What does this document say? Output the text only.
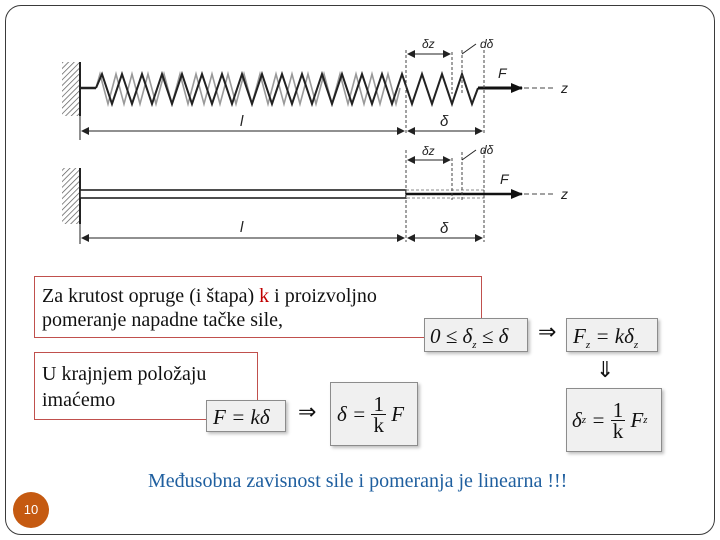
z
F
δz	dδ
l	δ
z
F
δz	dδ
l	δ
Za krutost opruge (i štapa) k i proizvoljno
pomeranje napadne tačke sile,
$0 \le \delta_z \le \delta$	⇒ $F_z = k\delta_z$
⇓
U krajnjem položaju
imaćemo
F = kδ	⇒ $\delta = \frac{1}{k}$ F	δ $z = \frac{1}{k}$ F z
Međusobna zavisnost sile i pomeranja je linearna !!!
10
